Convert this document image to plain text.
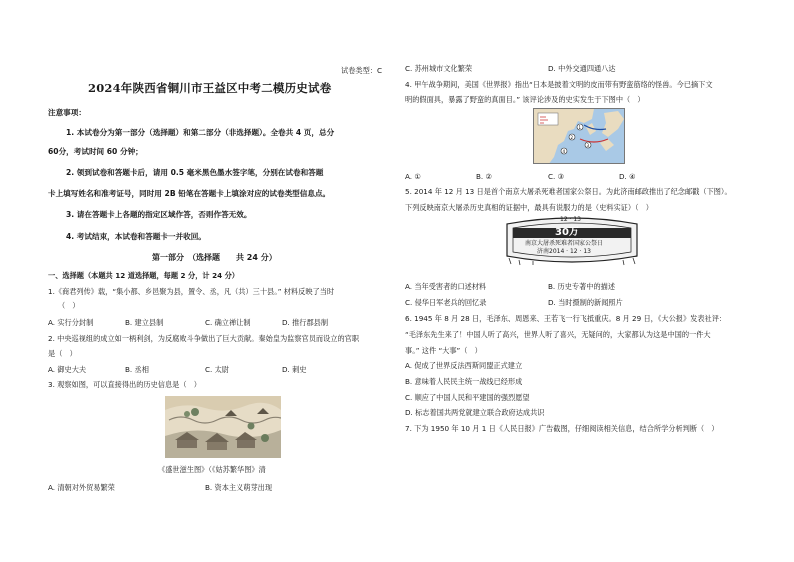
试卷类型：C
2024年陕西省铜川市王益区中考二模历史试卷
注意事项：
1. 本试卷分为第一部分（选择题）和第二部分（非选择题）。全卷共 4 页，总分
60分，考试时间 60 分钟；
2. 领到试卷和答题卡后，请用 0.5 毫米黑色墨水签字笔，分别在试卷和答题
卡上填写姓名和准考证号，同时用 2B 铅笔在答题卡上填涂对应的试卷类型信息点。
3. 请在答题卡上各题的指定区域作答，否则作答无效。
4. 考试结束，本试卷和答题卡一并收回。
第一部分　（选择题　　共 24 分）
一、选择题（本题共 12 道选择题，每题 2 分，计 24 分）
1.《商君列传》载，“集小都、乡邑聚为县，置令、丞，凡（共）三十县。” 材料反映了当时
（　）
A. 实行分封制	B. 建立县制	C. 确立禅让制	D. 推行郡县制
2. 中央巡视组的成立如一柄利剑，为反腐败斗争做出了巨大贡献。秦始皇为监察官员而设立的官职
是（　）
A. 御史大夫	B. 丞相	C. 太尉	D. 刺史
3. 观察如图，可以直接得出的历史信息是（　）
《盛世滋生图》（《姑苏繁华图》清
A. 清朝对外贸易繁荣	B. 资本主义萌芽出现
C. 苏州城市文化繁荣	D. 中外交通四通八达
4. 甲午战争期间，美国《世界报》指出“日本是披着文明的皮而带有野蛮筋络的怪兽。今已摘下文
明的假面具，暴露了野蛮的真面目。” 该评论涉及的史实发生于下图中（　）
1
2
3
4
A. ①	B. ②	C. ③	D. ④
5. 2014 年 12 月 13 日是首个南京大屠杀死难者国家公祭日。为此济南邮政推出了纪念邮戳（下图）。
下列反映南京大屠杀历史真相的证据中，最具有说服力的是（史料实证）（　）
12 · 13
30万
南京大屠杀死难者国家公祭日
济南2014 · 12 · 13
A. 当年受害者的口述材料	B. 历史专著中的描述
C. 侵华日军老兵的回忆录	D. 当时摄制的新闻照片
6. 1945 年 8 月 28 日，毛泽东、周恩来、王若飞一行飞抵重庆。8 月 29 日，《大公报》发表社评：
“毛泽东先生来了！中国人听了高兴，世界人听了喜兴，无疑问的，大家都认为这是中国的一件大
事。” 这件 “大事”（　）
A. 促成了世界反法西斯同盟正式建立
B. 意味着人民民主统一战线已经形成
C. 顺应了中国人民和平建国的强烈愿望
D. 标志着国共两党就建立联合政府达成共识
7. 下为 1950 年 10 月 1 日《人民日报》广告截图，仔细阅读相关信息，结合所学分析判断（　）
